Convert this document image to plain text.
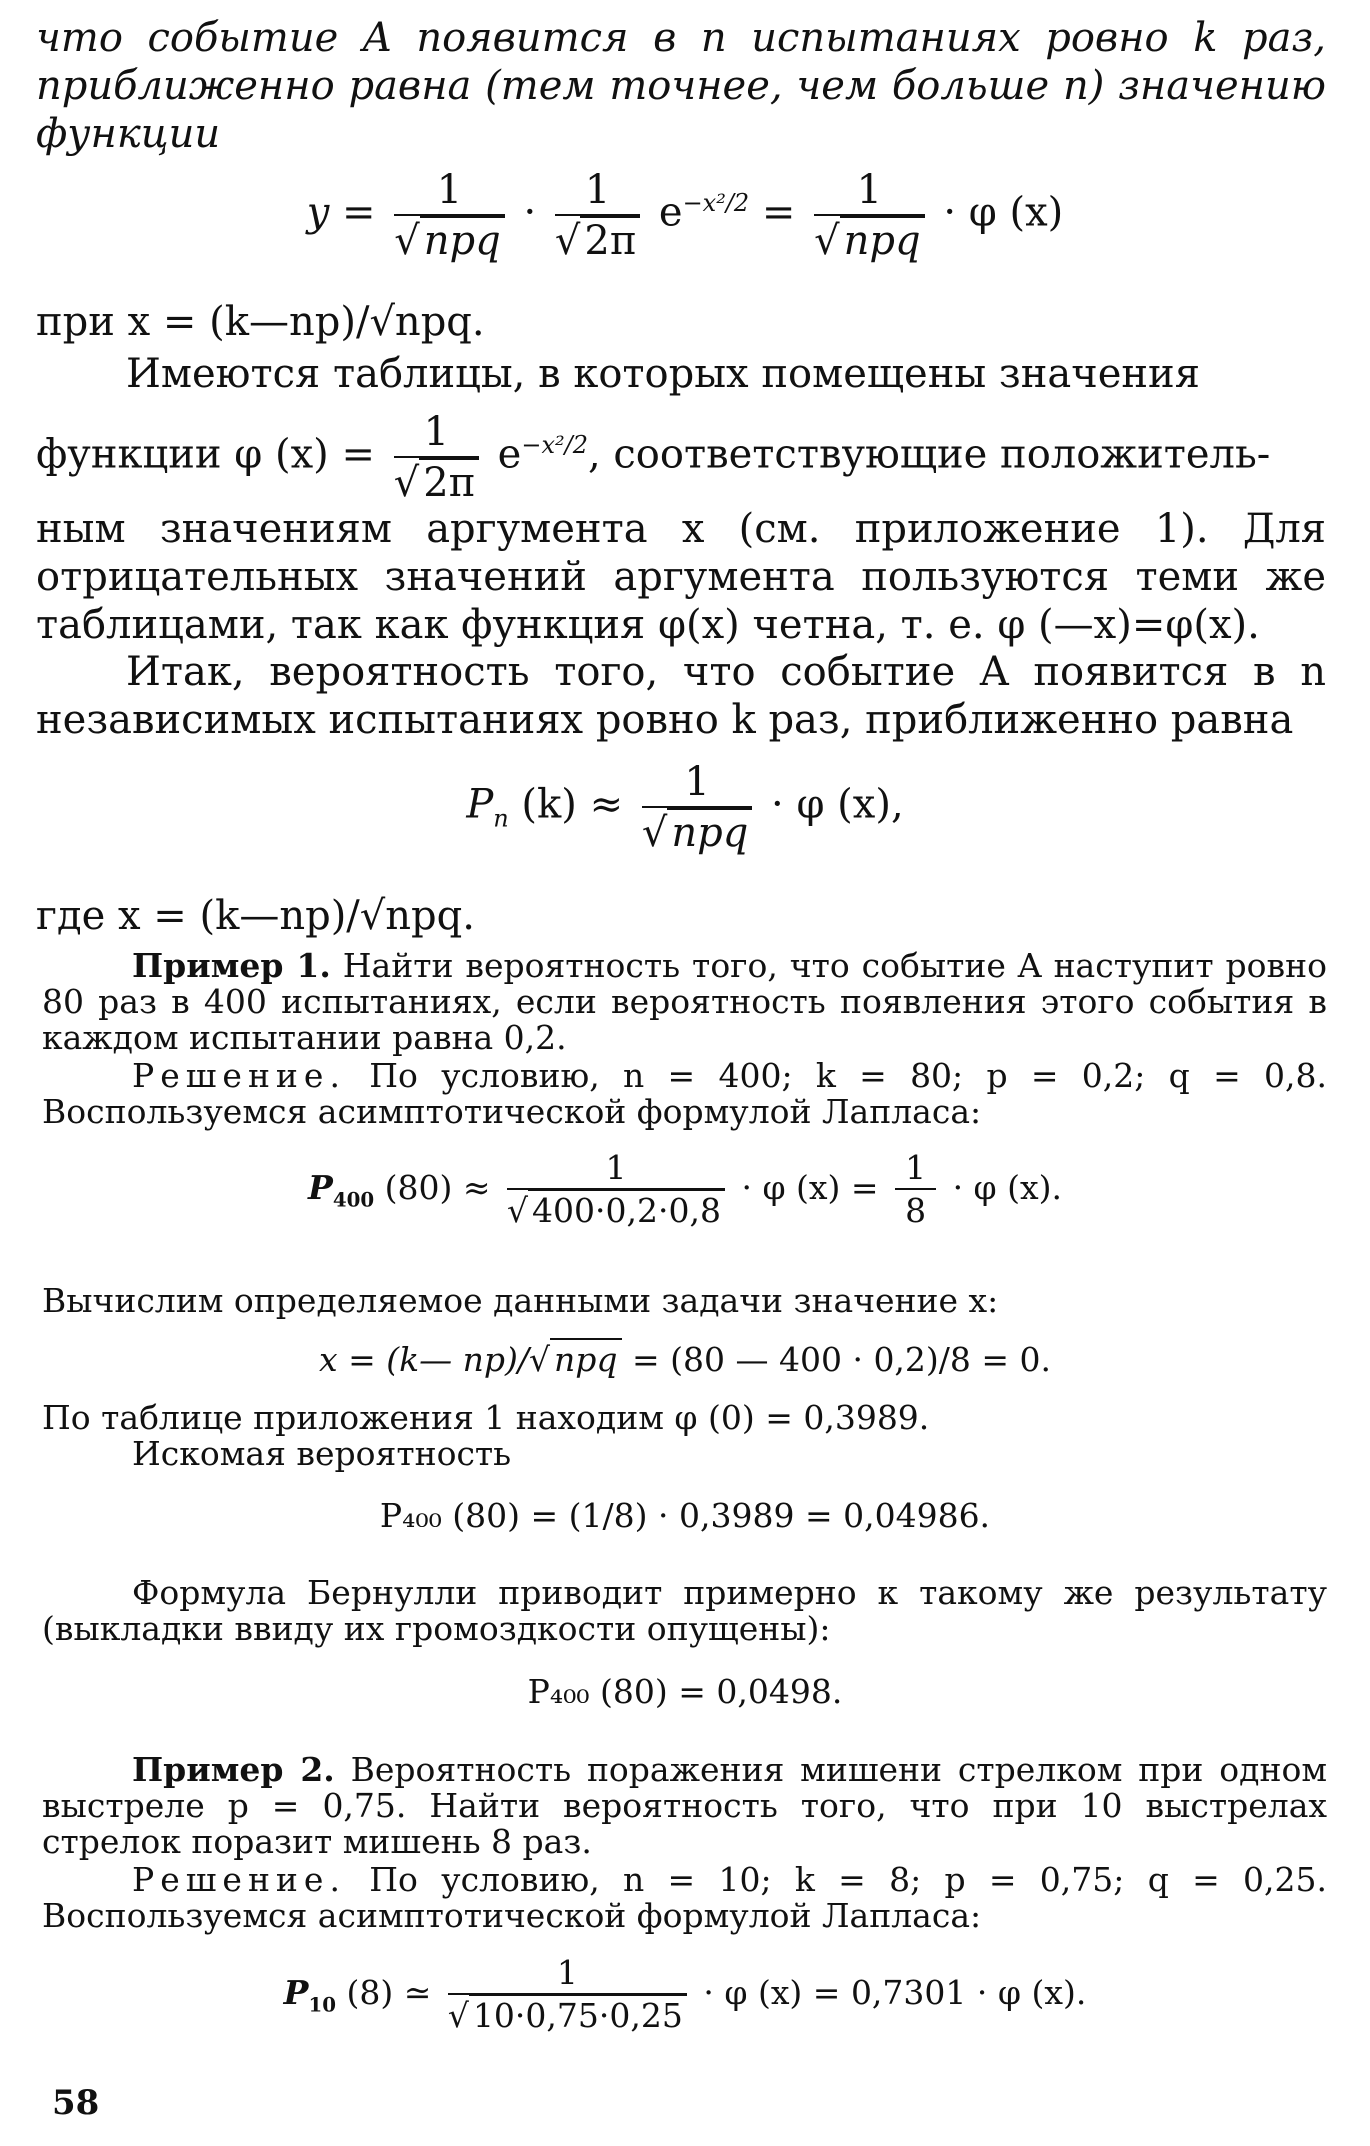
что событие A появится в n испытаниях ровно k раз, приближенно равна (тем точнее, чем больше n) значению функции
$y = \frac{1}{\text{√ npq}} \cdot \frac{1}{√ 2\pi} e^{-x^2/2} = \frac{1}{\text{√ npq}} \cdot \varphi$ (x)
при x = (k—np)/√npq.
Имеются таблицы, в которых помещены значения
функции φ $(x) = \frac{1}{√ 2\pi} e^{-x^2/2}$, соответствующие положитель-
ным значениям аргумента x (см. приложение 1). Для отрицательных значений аргумента пользуются теми же таблицами, так как функция φ(x) четна, т. е. φ (—x)=φ(x).
Итак, вероятность того, что событие A появится в n независимых испытаниях ровно k раз, приближенно равна
$P_n$ $(k) \approx \frac{1}{\text{√ npq}} \cdot \varphi$ (x),
где x = (k—np)/√npq.
Пример 1. Найти вероятность того, что событие A наступит ровно 80 раз в 400 испытаниях, если вероятность появления этого события в каждом испытании равна 0,2.
Решение. По условию, n = 400; k = 80; p = 0,2; q = 0,8. Воспользуемся асимптотической формулой Лапласа:
$P_{400}$ $(80) \approx \frac{1}{√ 400\cdot 0,2\cdot 0,8} \cdot \varphi$ $(x) = \frac{1}{8} \cdot \varphi$ (x).
Вычислим определяемое данными задачи значение x:
x = (k— np)/√ npq = (80 — 400 · 0,2)/8 = 0.
По таблице приложения 1 находим φ (0) = 0,3989.
Искомая вероятность
P₄₀₀ (80) = (1/8) · 0,3989 = 0,04986.
Формула Бернулли приводит примерно к такому же результату (выкладки ввиду их громоздкости опущены):
P₄₀₀ (80) = 0,0498.
Пример 2. Вероятность поражения мишени стрелком при одном выстреле p = 0,75. Найти вероятность того, что при 10 выстрелах стрелок поразит мишень 8 раз.
Решение. По условию, n = 10; k = 8; p = 0,75; q = 0,25. Воспользуемся асимптотической формулой Лапласа:
$P_{10}$ (8) ≃ $\frac{1}{√ 10\cdot 0,75\cdot 0,25} \cdot \varphi$ (x) = 0,7301 · φ (x).
58
